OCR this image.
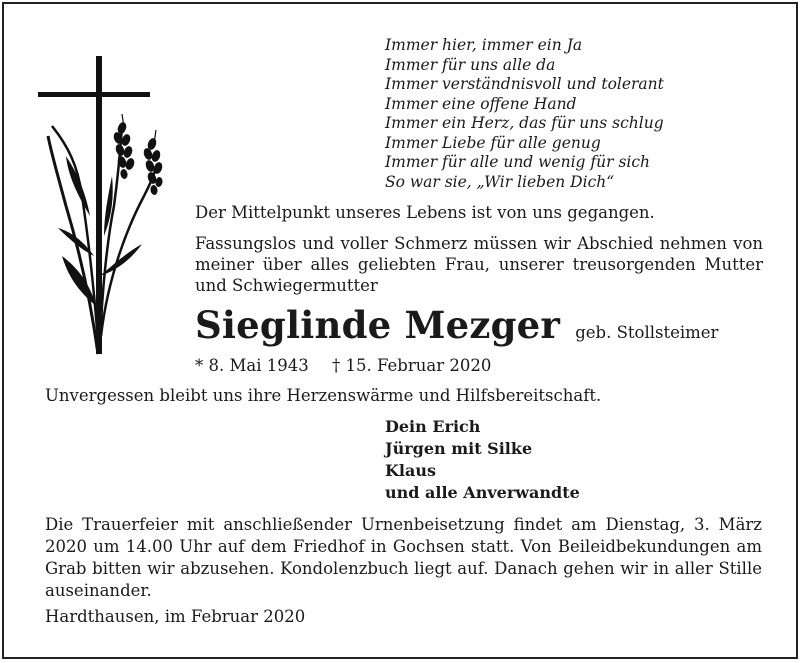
Immer hier, immer ein Ja
Immer für uns alle da
Immer verständnisvoll und tolerant
Immer eine offene Hand
Immer ein Herz, das für uns schlug
Immer Liebe für alle genug
Immer für alle und wenig für sich
So war sie, „Wir lieben Dich“
Der Mittelpunkt unseres Lebens ist von uns gegangen.
Fassungslos und voller Schmerz müssen wir Abschied nehmen von meiner über alles geliebten Frau, unserer treusorgenden Mutter und Schwiegermutter
Sieglinde Mezger geb. Stollsteimer
* 8. Mai 1943 † 15. Februar 2020
Unvergessen bleibt uns ihre Herzenswärme und Hilfsbereitschaft.
Dein Erich
Jürgen mit Silke
Klaus
und alle Anverwandte
Die Trauerfeier mit anschließender Urnenbeisetzung findet am Dienstag, 3. März 2020 um 14.00 Uhr auf dem Friedhof in Gochsen statt. Von Beileidbekundungen am Grab bitten wir abzusehen. Kondolenzbuch liegt auf. Danach gehen wir in aller Stille auseinander.
Hardthausen, im Februar 2020
